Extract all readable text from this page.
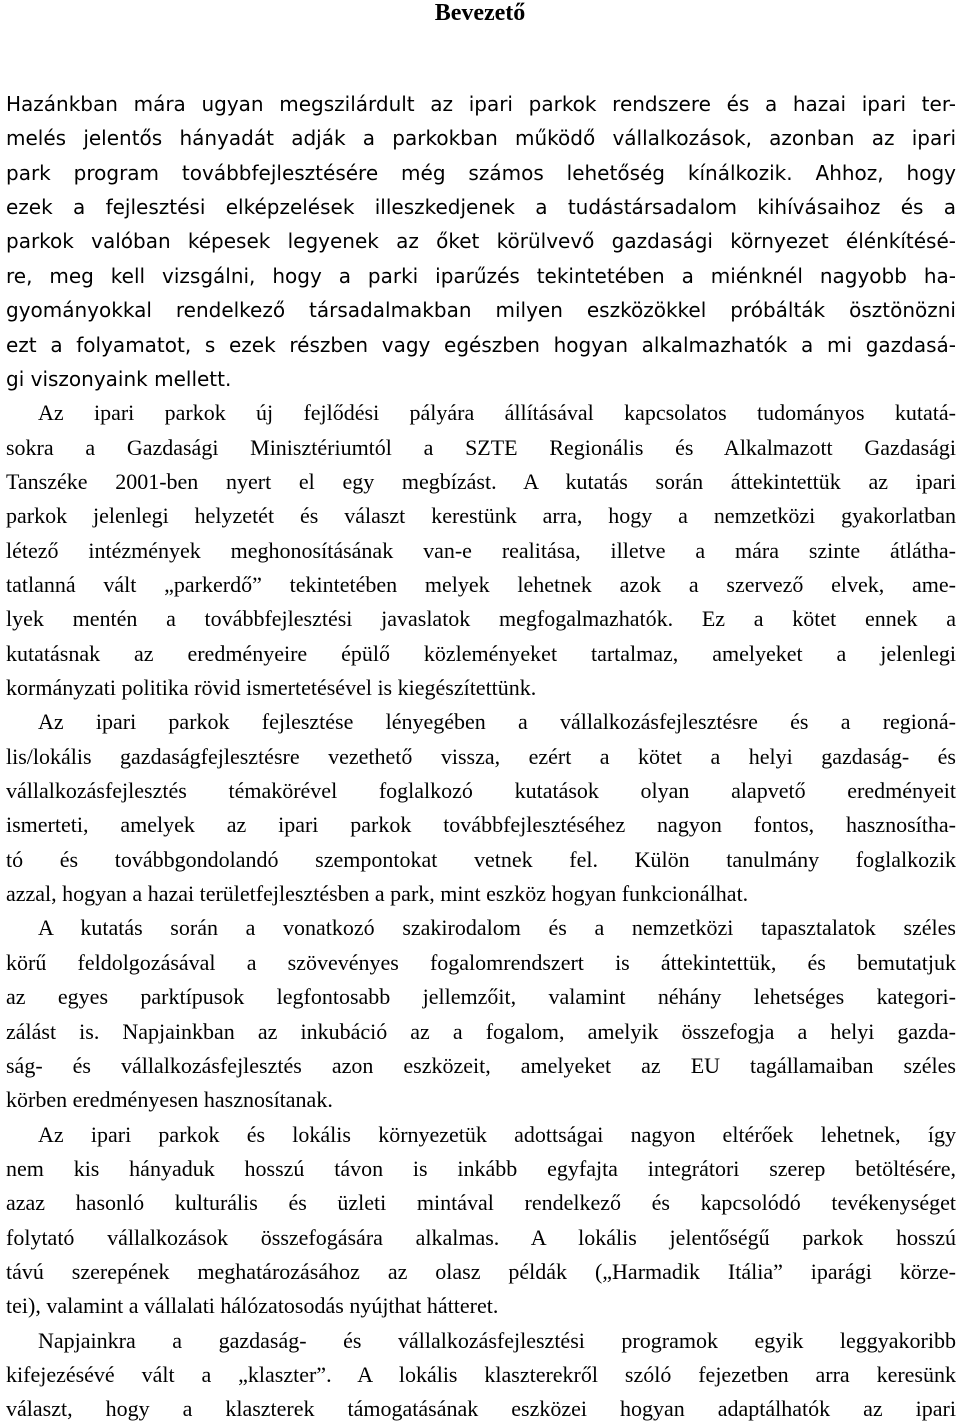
Bevezető
Hazánkban mára ugyan megszilárdult az ipari parkok rendszere és a hazai ipari ter-
melés jelentős hányadát adják a parkokban működő vállalkozások, azonban az ipari
park program továbbfejlesztésére még számos lehetőség kínálkozik. Ahhoz, hogy
ezek a fejlesztési elképzelések illeszkedjenek a tudástársadalom kihívásaihoz és a
parkok valóban képesek legyenek az őket körülvevő gazdasági környezet élénkítésé-
re, meg kell vizsgálni, hogy a parki iparűzés tekintetében a miénknél nagyobb ha-
gyományokkal rendelkező társadalmakban milyen eszközökkel próbálták ösztönözni
ezt a folyamatot, s ezek részben vagy egészben hogyan alkalmazhatók a mi gazdasá-
gi viszonyaink mellett.
Az ipari parkok új fejlődési pályára állításával kapcsolatos tudományos kutatá-
sokra a Gazdasági Minisztériumtól a SZTE Regionális és Alkalmazott Gazdasági
Tanszéke 2001-ben nyert el egy megbízást. A kutatás során áttekintettük az ipari
parkok jelenlegi helyzetét és választ kerestünk arra, hogy a nemzetközi gyakorlatban
létező intézmények meghonosításának van-e realitása, illetve a mára szinte átlátha-
tatlanná vált „parkerdő” tekintetében melyek lehetnek azok a szervező elvek, ame-
lyek mentén a továbbfejlesztési javaslatok megfogalmazhatók. Ez a kötet ennek a
kutatásnak az eredményeire épülő közleményeket tartalmaz, amelyeket a jelenlegi
kormányzati politika rövid ismertetésével is kiegészítettünk.
Az ipari parkok fejlesztése lényegében a vállalkozásfejlesztésre és a regioná-
lis/lokális gazdaságfejlesztésre vezethető vissza, ezért a kötet a helyi gazdaság- és
vállalkozásfejlesztés témakörével foglalkozó kutatások olyan alapvető eredményeit
ismerteti, amelyek az ipari parkok továbbfejlesztéséhez nagyon fontos, hasznosítha-
tó és továbbgondolandó szempontokat vetnek fel. Külön tanulmány foglalkozik
azzal, hogyan a hazai területfejlesztésben a park, mint eszköz hogyan funkcionálhat.
A kutatás során a vonatkozó szakirodalom és a nemzetközi tapasztalatok széles
körű feldolgozásával a szövevényes fogalomrendszert is áttekintettük, és bemutatjuk
az egyes parktípusok legfontosabb jellemzőit, valamint néhány lehetséges kategori-
zálást is. Napjainkban az inkubáció az a fogalom, amelyik összefogja a helyi gazda-
ság- és vállalkozásfejlesztés azon eszközeit, amelyeket az EU tagállamaiban széles
körben eredményesen hasznosítanak.
Az ipari parkok és lokális környezetük adottságai nagyon eltérőek lehetnek, így
nem kis hányaduk hosszú távon is inkább egyfajta integrátori szerep betöltésére,
azaz hasonló kulturális és üzleti mintával rendelkező és kapcsolódó tevékenységet
folytató vállalkozások összefogására alkalmas. A lokális jelentőségű parkok hosszú
távú szerepének meghatározásához az olasz példák („Harmadik Itália” iparági körze-
tei), valamint a vállalati hálózatosodás nyújthat hátteret.
Napjainkra a gazdaság- és vállalkozásfejlesztési programok egyik leggyakoribb
kifejezésévé vált a „klaszter”. A lokális klaszterekről szóló fejezetben arra keresünk
választ, hogy a klaszterek támogatásának eszközei hogyan adaptálhatók az ipari
